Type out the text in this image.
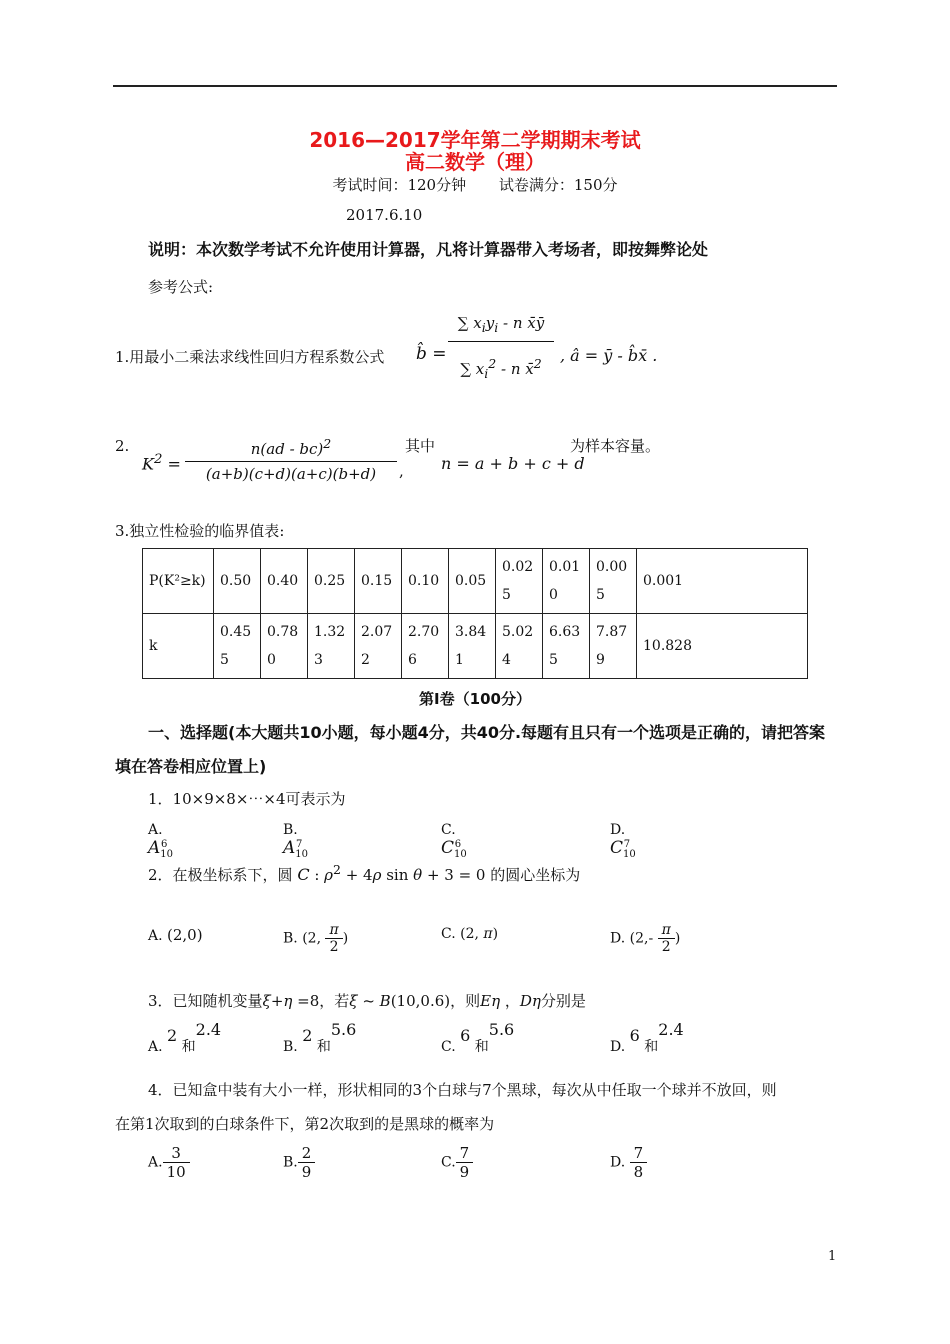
2016—2017学年第二学期期末考试
高二数学（理）
考试时间：120分钟 试卷满分：150分
2017.6.10
说明：本次数学考试不允许使用计算器，凡将计算器带入考场者，即按舞弊论处
参考公式:
1.用最小二乘法求线性回归方程系数公式 b̂ =
∑ $x_iy_i$ - n x̄ȳ
∑ $x_i^2$ - n x̄$^2$	, â = ȳ - b̂x̄ .
2.
$K^2$ =
n(ad - bc)$^2$
(a+b)(c+d)(a+c)(b+d)	,
其中
n = a + b + c + d
为样本容量。
3.独立性检验的临界值表:
P(K²≥k)	0.50	0.40	0.25	0.15	0.10	0.05	0.025	0.010	0.005	0.001
k	0.455	0.780	1.323	2.072	2.706	3.841	5.024	6.635	7.879	10.828
第Ⅰ卷（100分）
一、选择题(本大题共10小题，每小题4分，共40分.每题有且只有一个选项是正确的，请把答案
填在答卷相应位置上)
1．10×9×8×⋯×4可表示为
A. $A_{10}^6$
B. $A_{10}^7$
C. $C_{10}^6$
D. $C_{10}^7$
2．在极坐标系下，圆 C : $\rho^2 + 4\rho$ sin θ + 3 = 0 的圆心坐标为
A. (2,0)	B. (2, $\frac{\pi}{2}$ )	C. (2, π)	D. ($2,- \frac{\pi}{2}$ )
3．已知随机变量ξ+η =8，若ξ ~ B(10,0.6)，则Eη ，Dη分别是
A. 2 和2.4
B. 2 和5.6
C. 6 和5.6
D. 6 和2.4
4．已知盒中装有大小一样，形状相同的3个白球与7个黑球，每次从中任取一个球并不放回，则
在第1次取到的白球条件下，第2次取到的是黑球的概率为
A. $\frac{3}{10}$	B. $\frac{2}{9}$	C. $\frac{7}{9}$	D. $\frac{7}{8}$
1
